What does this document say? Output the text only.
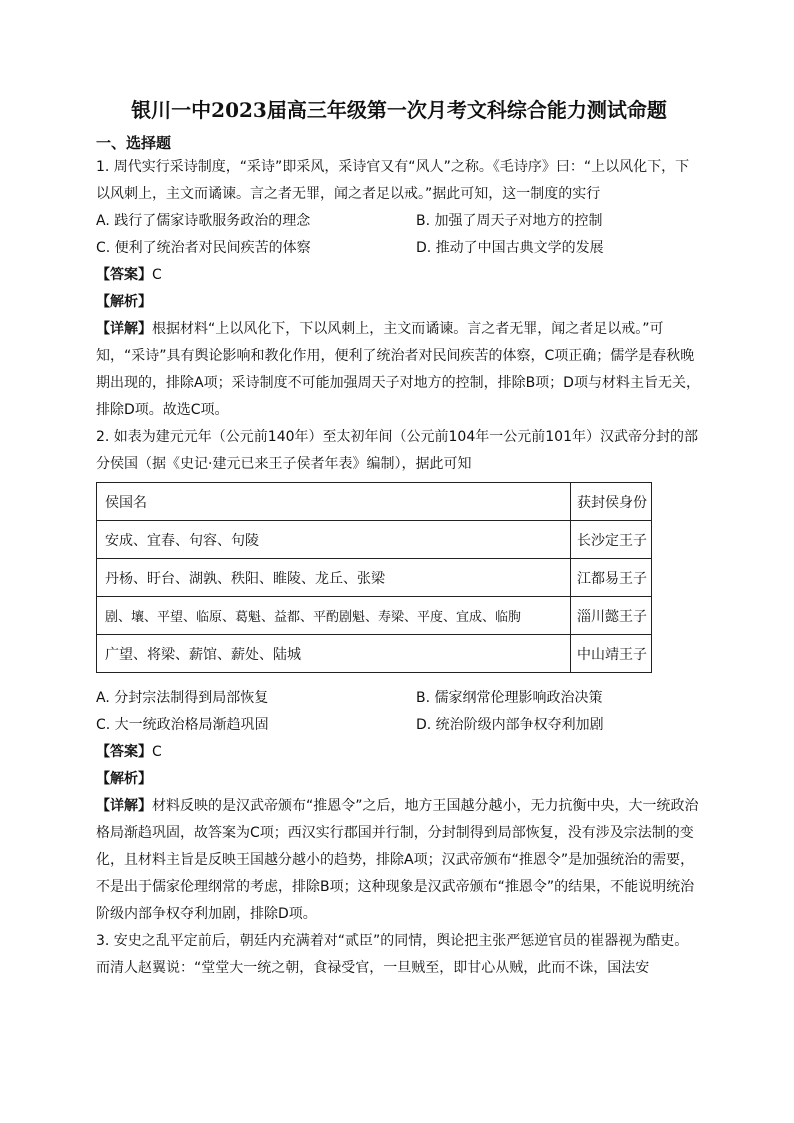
银川一中2023届高三年级第一次月考文科综合能力测试命题
一、选择题
1. 周代实行采诗制度，“采诗”即采风，采诗官又有“风人”之称。《毛诗序》曰：“上以风化下，下以风刺上，主文而谲谏。言之者无罪，闻之者足以戒。”据此可知，这一制度的实行
A. 践行了儒家诗歌服务政治的理念	B. 加强了周天子对地方的控制
C. 便利了统治者对民间疾苦的体察	D. 推动了中国古典文学的发展
【答案】C
【解析】
【详解】根据材料“上以风化下，下以风刺上，主文而谲谏。言之者无罪，闻之者足以戒。”可知，“采诗”具有舆论影响和教化作用，便利了统治者对民间疾苦的体察，C项正确；儒学是春秋晚期出现的，排除A项；采诗制度不可能加强周天子对地方的控制，排除B项；D项与材料主旨无关，排除D项。故选C项。
2. 如表为建元元年（公元前140年）至太初年间（公元前104年一公元前101年）汉武帝分封的部分侯国（据《史记·建元已来王子侯者年表》编制），据此可知
侯国名	获封侯身份
安成、宜春、句容、句陵	长沙定王子
丹杨、盱台、湖孰、秩阳、睢陵、龙丘、张梁	江都易王子
剧、壤、平望、临原、葛魁、益都、平酌剧魁、寿梁、平度、宜成、临朐	淄川懿王子
广望、将梁、薪馆、薪处、陆城	中山靖王子
A. 分封宗法制得到局部恢复	B. 儒家纲常伦理影响政治决策
C. 大一统政治格局渐趋巩固	D. 统治阶级内部争权夺利加剧
【答案】C
【解析】
【详解】材料反映的是汉武帝颁布“推恩令”之后，地方王国越分越小，无力抗衡中央，大一统政治格局渐趋巩固，故答案为C项；西汉实行郡国并行制，分封制得到局部恢复，没有涉及宗法制的变化，且材料主旨是反映王国越分越小的趋势，排除A项；汉武帝颁布“推恩令”是加强统治的需要，不是出于儒家伦理纲常的考虑，排除B项；这种现象是汉武帝颁布“推恩令”的结果，不能说明统治阶级内部争权夺利加剧，排除D项。
3. 安史之乱平定前后，朝廷内充满着对“贰臣”的同情，舆论把主张严惩逆官员的崔器视为酷吏。而清人赵翼说：“堂堂大一统之朝，食禄受官，一旦贼至，即甘心从贼，此而不诛，国法安
